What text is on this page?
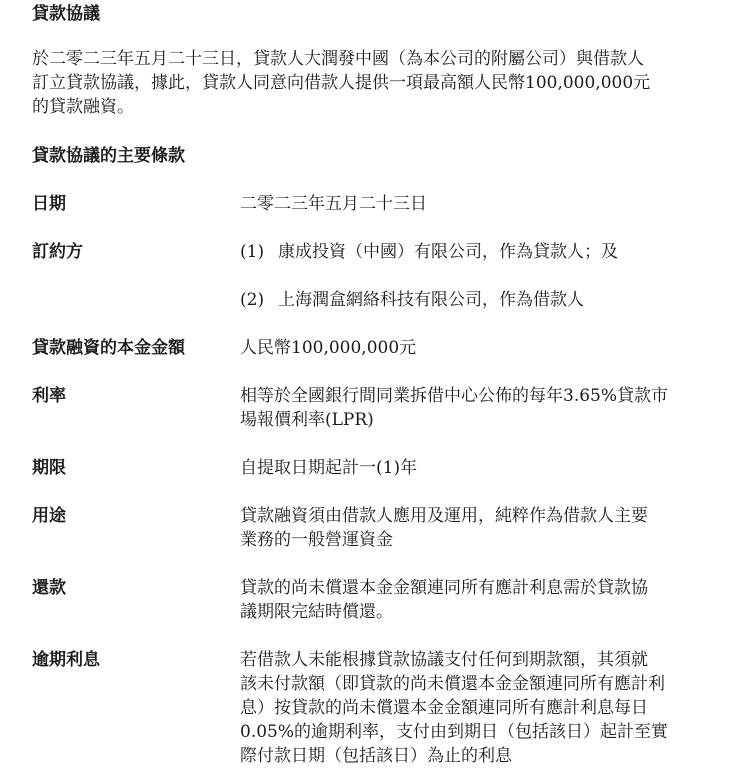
貸款協議
於二零二三年五月二十三日，貸款人大潤發中國（為本公司的附屬公司）與借款人
訂立貸款協議，據此，貸款人同意向借款人提供一項最高額人民幣100,000,000元
的貸款融資。
貸款協議的主要條款
日期	二零二三年五月二十三日
訂約方	(1) 康成投資（中國）有限公司，作為貸款人；及
(2) 上海潤盒網絡科技有限公司，作為借款人
貸款融資的本金金額	人民幣100,000,000元
利率	相等於全國銀行間同業拆借中心公佈的每年3.65%貸款市
場報價利率(LPR)
期限	自提取日期起計一(1)年
用途	貸款融資須由借款人應用及運用，純粹作為借款人主要
業務的一般營運資金
還款	貸款的尚未償還本金金額連同所有應計利息需於貸款協
議期限完結時償還。
逾期利息	若借款人未能根據貸款協議支付任何到期款額，其須就
該未付款額（即貸款的尚未償還本金金額連同所有應計利
息）按貸款的尚未償還本金金額連同所有應計利息每日
0.05%的逾期利率，支付由到期日（包括該日）起計至實
際付款日期（包括該日）為止的利息
